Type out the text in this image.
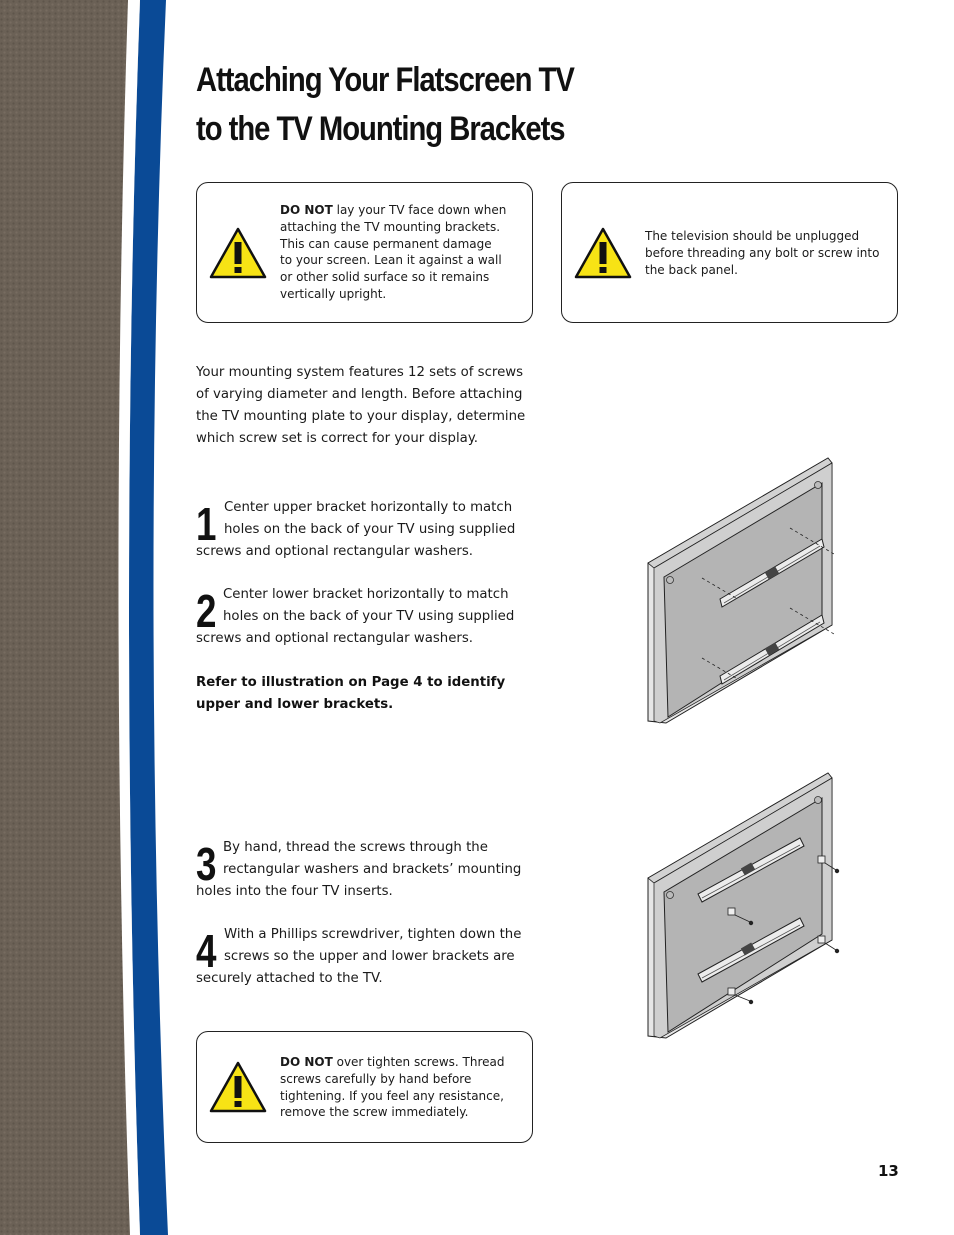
Attaching Your Flatscreen TV
to the TV Mounting Brackets
DO NOT lay your TV face down when
attaching the TV mounting brackets.
This can cause permanent damage
to your screen. Lean it against a wall
or other solid surface so it remains
vertically upright.
The television should be unplugged
before threading any bolt or screw into
the back panel.
Your mounting system features 12 sets of screws
of varying diameter and length. Before attaching
the TV mounting plate to your display, determine
which screw set is correct for your display.
1 Center upper bracket horizontally to match
holes on the back of your TV using supplied
screws and optional rectangular washers.
2 Center lower bracket horizontally to match
holes on the back of your TV using supplied
screws and optional rectangular washers.
Refer to illustration on Page 4 to identify
upper and lower brackets.
3 By hand, thread the screws through the
rectangular washers and brackets’ mounting
holes into the four TV inserts.
4 With a Phillips screwdriver, tighten down the
screws so the upper and lower brackets are
securely attached to the TV.
DO NOT over tighten screws. Thread
screws carefully by hand before
tightening. If you feel any resistance,
remove the screw immediately.
13
